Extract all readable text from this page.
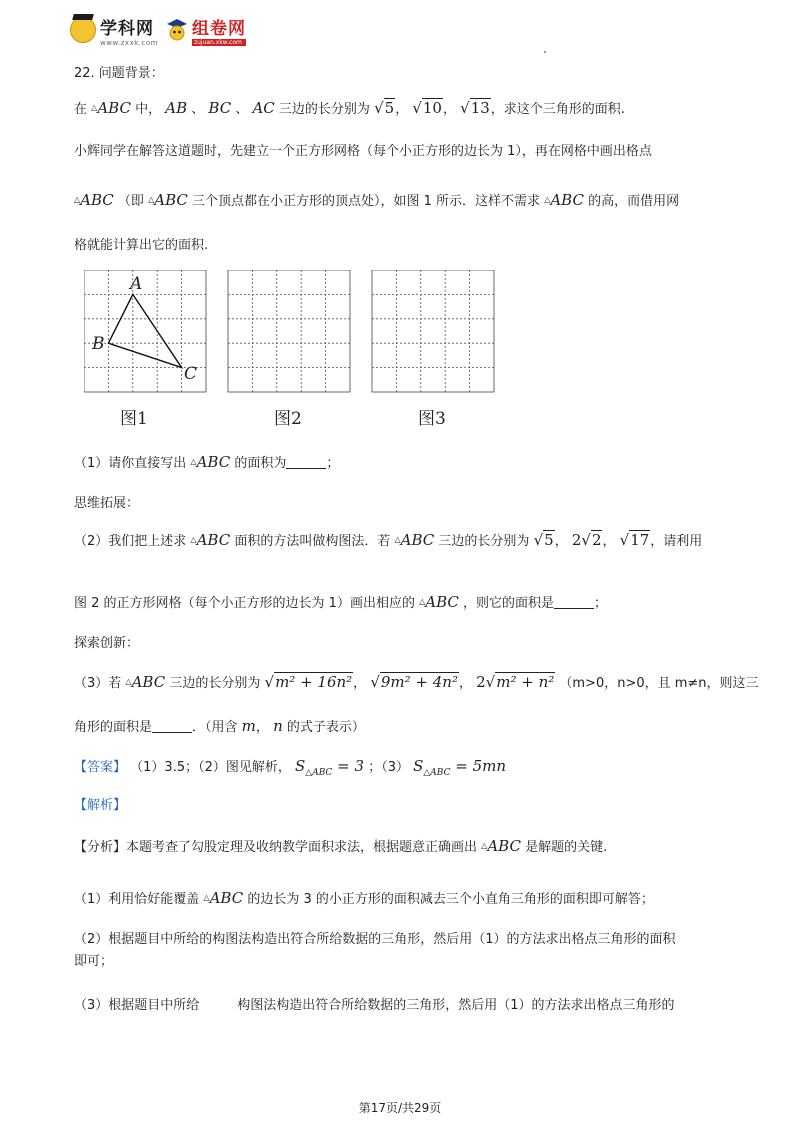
学科网
www.zxxk.com
组卷网
zujuan.xkw.com
22. 问题背景：
在 △ABC 中， AB 、 BC 、 AC 三边的长分别为 √5， √10， √13，求这个三角形的面积.
小辉同学在解答这道题时，先建立一个正方形网格（每个小正方形的边长为 1），再在网格中画出格点
△ABC （即 △ABC 三个顶点都在小正方形的顶点处），如图 1 所示．这样不需求 △ABC 的高，而借用网
格就能计算出它的面积.
A
B
C
图1	图2	图3
（1）请你直接写出 △ABC 的面积为	；
思维拓展：
（2）我们把上述求 △ABC 面积的方法叫做构图法．若 △ABC 三边的长分别为 √5， 2√2， √17，请利用
图 2 的正方形网格（每个小正方形的边长为 1）画出相应的 △ABC ，则它的面积是	；
探索创新：
（3）若 △ABC 三边的长分别为 √m² + 16n²， √9m² + 4n²， 2√m² + n² （m>0，n>0，且 m≠n，则这三
角形的面积是	．（用含 m， n 的式子表示）
【答案】 （1）3.5；（2）图见解析， $S_{\triangle ABC} = 3$ ；（3） $S_{\triangle ABC} = 5mn$
【解析】
【分析】本题考查了勾股定理及收纳教学面积求法，根据题意正确画出 △ABC 是解题的关键.
（1）利用恰好能覆盖 △ABC 的边长为 3 的小正方形的面积减去三个小直角三角形的面积即可解答；
（2）根据题目中所给的构图法构造出符合所给数据的三角形，然后用（1）的方法求出格点三角形的面积
即可；
（3）根据题目中所给	构图法构造出符合所给数据的三角形，然后用（1）的方法求出格点三角形的
第17页/共29页
